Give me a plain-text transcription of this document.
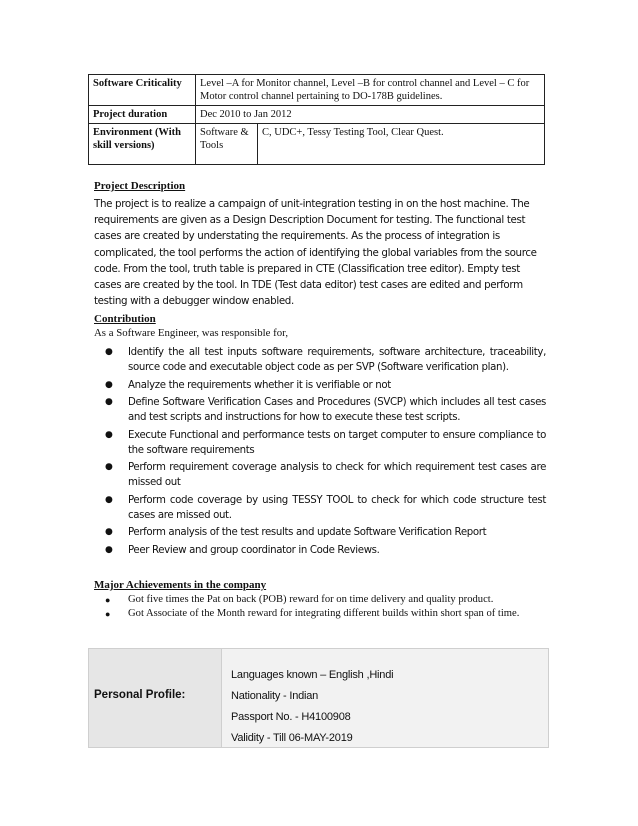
Software Criticality	Level –A for Monitor channel, Level –B for control channel and Level – C for Motor control channel pertaining to DO-178B guidelines.	
Project duration	Dec 2010 to Jan 2012	
Environment (With skill versions)	Software & Tools	C, UDC+, Tessy Testing Tool, Clear Quest.
Project Description
The project is to realize a campaign of unit-integration testing in on the host machine. The requirements are given as a Design Description Document for testing. The functional test cases are created by understating the requirements. As the process of integration is complicated, the tool performs the action of identifying the global variables from the source code. From the tool, truth table is prepared in CTE (Classification tree editor). Empty test cases are created by the tool. In TDE (Test data editor) test cases are edited and perform testing with a debugger window enabled.
Contribution
As a Software Engineer, was responsible for,
● Identify the all test inputs software requirements, software architecture, traceability, source code and executable object code as per SVP (Software verification plan).
● Analyze the requirements whether it is verifiable or not
● Define Software Verification Cases and Procedures (SVCP) which includes all test cases and test scripts and instructions for how to execute these test scripts.
● Execute Functional and performance tests on target computer to ensure compliance to the software requirements
● Perform requirement coverage analysis to check for which requirement test cases are missed out
● Perform code coverage by using TESSY TOOL to check for which code structure test cases are missed out.
● Perform analysis of the test results and update Software Verification Report
● Peer Review and group coordinator in Code Reviews.
Major Achievements in the company
● Got five times the Pat on back (POB) reward for on time delivery and quality product.
● Got Associate of the Month reward for integrating different builds within short span of time.
Personal Profile:
Languages known – English ,Hindi
Nationality - Indian
Passport No. - H4100908
Validity - Till 06-MAY-2019
